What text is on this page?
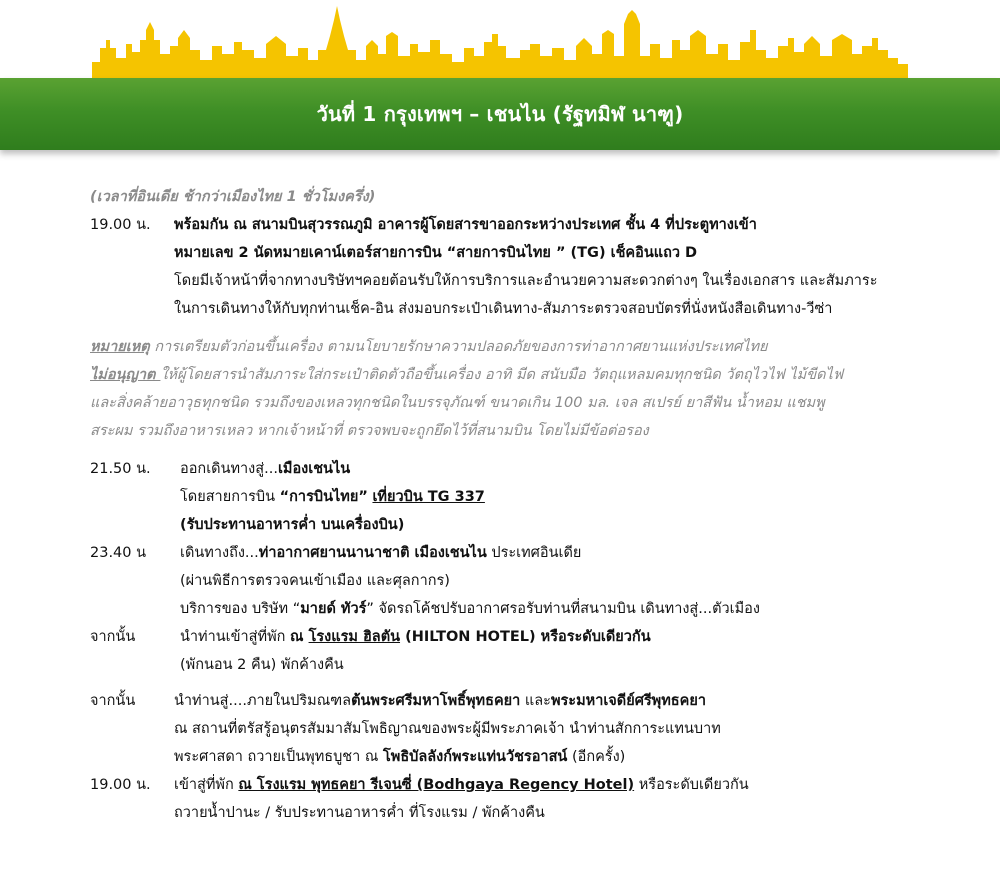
วันที่ 1 กรุงเทพฯ – เชนไน (รัฐทมิฬ นาฑู)
(เวลาที่อินเดีย ช้ากว่าเมืองไทย 1 ชั่วโมงครึ่ง)
19.00 น. พร้อมกัน ณ สนามบินสุวรรณภูมิ อาคารผู้โดยสารขาออกระหว่างประเทศ ชั้น 4 ที่ประตูทางเข้า
หมายเลข 2 นัดหมายเคาน์เตอร์สายการบิน “สายการบินไทย ” (TG) เช็คอินแถว D
โดยมีเจ้าหน้าที่จากทางบริษัทฯคอยต้อนรับให้การบริการและอำนวยความสะดวกต่างๆ ในเรื่องเอกสาร และสัมภาระ
ในการเดินทางให้กับทุกท่านเช็ค-อิน ส่งมอบกระเป๋าเดินทาง-สัมภาระตรวจสอบบัตรที่นั่งหนังสือเดินทาง-วีซ่า
หมายเหตุ การเตรียมตัวก่อนขึ้นเครื่อง ตามนโยบายรักษาความปลอดภัยของการท่าอากาศยานแห่งประเทศไทย
ไม่อนุญาต ให้ผู้โดยสารนำสัมภาระใส่กระเป๋าติดตัวถือขึ้นเครื่อง อาทิ มีด สนับมือ วัตถุแหลมคมทุกชนิด วัตถุไวไฟ ไม้ขีดไฟ
และสิ่งคล้ายอาวุธทุกชนิด รวมถึงของเหลวทุกชนิดในบรรจุภัณฑ์ ขนาดเกิน 100 มล. เจล สเปรย์ ยาสีฟัน น้ำหอม แชมพู
สระผม รวมถึงอาหารเหลว หากเจ้าหน้าที่ ตรวจพบจะถูกยึดไว้ที่สนามบิน โดยไม่มีข้อต่อรอง
21.50 น. ออกเดินทางสู่...เมืองเชนไน
โดยสายการบิน “การบินไทย” เที่ยวบิน TG 337
(รับประทานอาหารค่ำ บนเครื่องบิน)
23.40 น เดินทางถึง...ท่าอากาศยานนานาชาติ เมืองเชนไน ประเทศอินเดีย
(ผ่านพิธีการตรวจคนเข้าเมือง และศุลกากร)
บริการของ บริษัท “มายด์ ทัวร์” จัดรถโค้ชปรับอากาศรอรับท่านที่สนามบิน เดินทางสู่...ตัวเมือง
จากนั้น	นำท่านเข้าสู่ที่พัก ณ โรงแรม ฮิลตัน (HILTON HOTEL) หรือระดับเดียวกัน
(พักนอน 2 คืน) พักค้างคืน
จากนั้น	นำท่านสู่....ภายในปริมณฑลต้นพระศรีมหาโพธิ์พุทธคยา และพระมหาเจดีย์ศรีพุทธคยา
ณ สถานที่ตรัสรู้อนุตรสัมมาสัมโพธิญาณของพระผู้มีพระภาคเจ้า นำท่านสักการะแทนบาท
พระศาสดา ถวายเป็นพุทธบูชา ณ โพธิบัลลังก์พระแท่นวัชรอาสน์ (อีกครั้ง)
19.00 น. เข้าสู่ที่พัก ณ โรงแรม พุทธคยา รีเจนซี่ (Bodhgaya Regency Hotel) หรือระดับเดียวกัน
ถวายน้ำปานะ / รับประทานอาหารค่ำ ที่โรงแรม / พักค้างคืน
